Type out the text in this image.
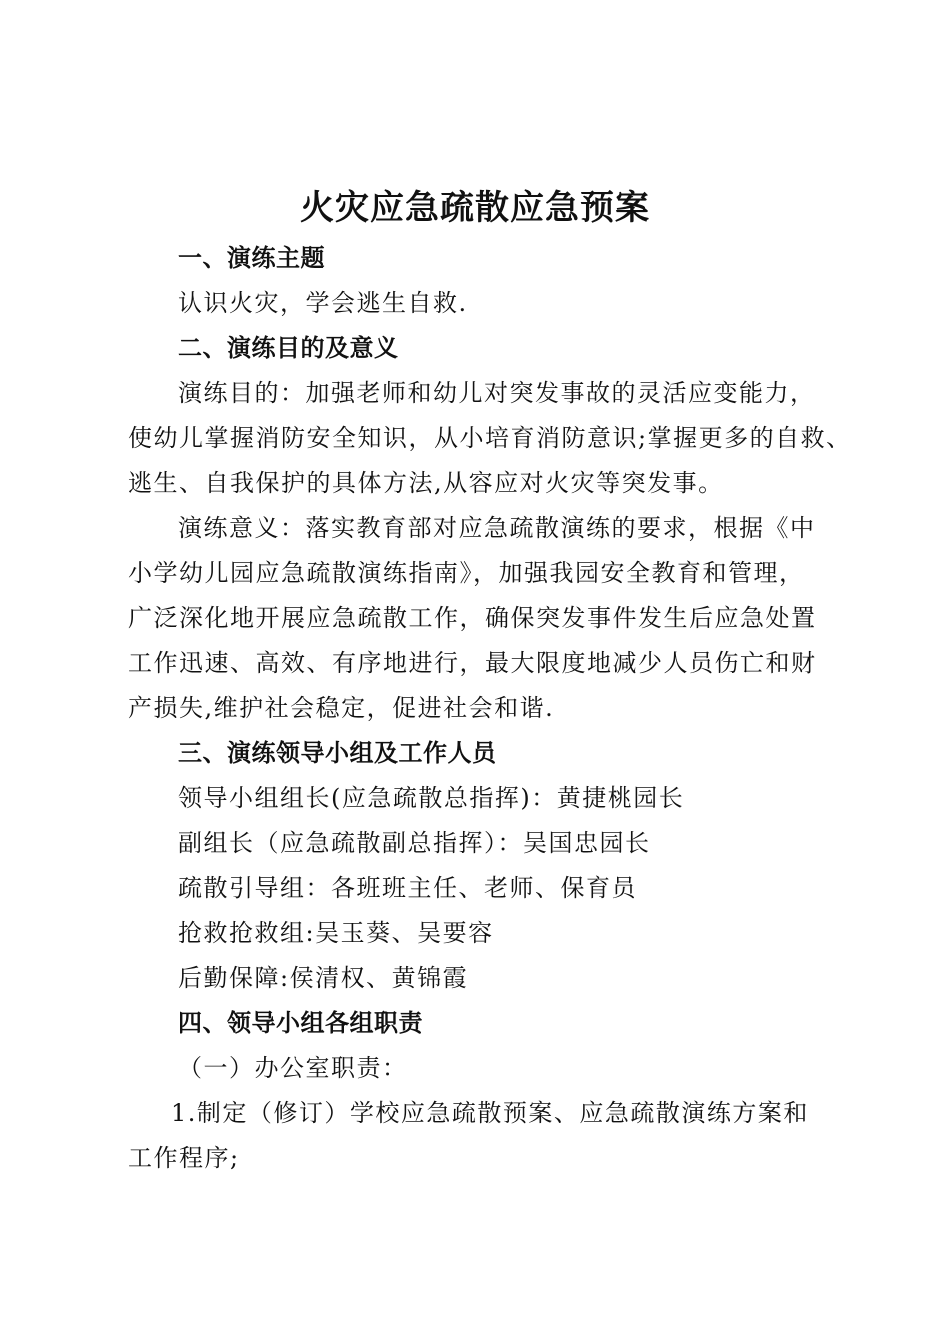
火灾应急疏散应急预案
一、演练主题
认识火灾，学会逃生自救.
二、演练目的及意义
演练目的：加强老师和幼儿对突发事故的灵活应变能力，
使幼儿掌握消防安全知识，从小培育消防意识;掌握更多的自救、
逃生、自我保护的具体方法,从容应对火灾等突发事。
演练意义：落实教育部对应急疏散演练的要求，根据《中
小学幼儿园应急疏散演练指南》，加强我园安全教育和管理，
广泛深化地开展应急疏散工作，确保突发事件发生后应急处置
工作迅速、高效、有序地进行，最大限度地减少人员伤亡和财
产损失,维护社会稳定，促进社会和谐.
三、演练领导小组及工作人员
领导小组组长(应急疏散总指挥)：黄捷桃园长
副组长（应急疏散副总指挥）：吴国忠园长
疏散引导组：各班班主任、老师、保育员
抢救抢救组:吴玉葵、吴要容
后勤保障:侯清权、黄锦霞
四、领导小组各组职责
（一）办公室职责：
1.制定（修订）学校应急疏散预案、应急疏散演练方案和
工作程序;
